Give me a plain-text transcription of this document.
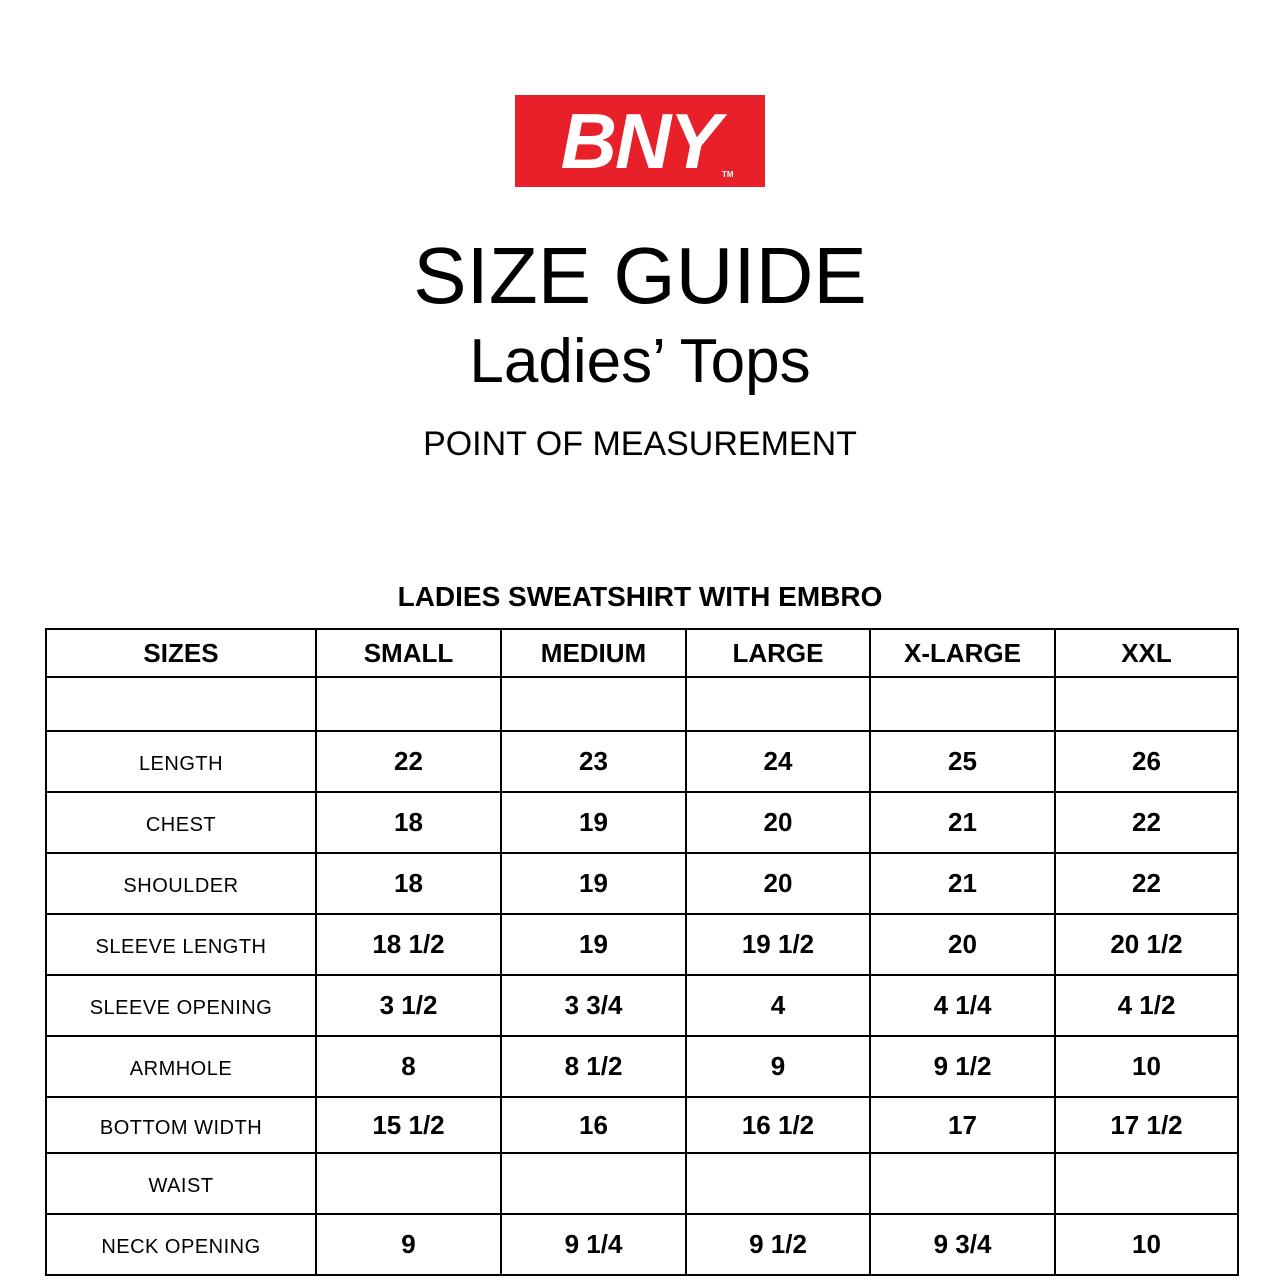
BNY TM
SIZE GUIDE
Ladies’ Tops
POINT OF MEASUREMENT
LADIES SWEATSHIRT WITH EMBRO
SIZES	SMALL	MEDIUM	LARGE	X-LARGE	XXL

LENGTH	22	23	24	25	26
CHEST	18	19	20	21	22
SHOULDER	18	19	20	21	22
SLEEVE LENGTH	18 1/2	19	19 1/2	20	20 1/2
SLEEVE OPENING	3 1/2	3 3/4	4	4 1/4	4 1/2
ARMHOLE	8	8 1/2	9	9 1/2	10
BOTTOM WIDTH	15 1/2	16	16 1/2	17	17 1/2
WAIST					
NECK OPENING	9	9 1/4	9 1/2	9 3/4	10
